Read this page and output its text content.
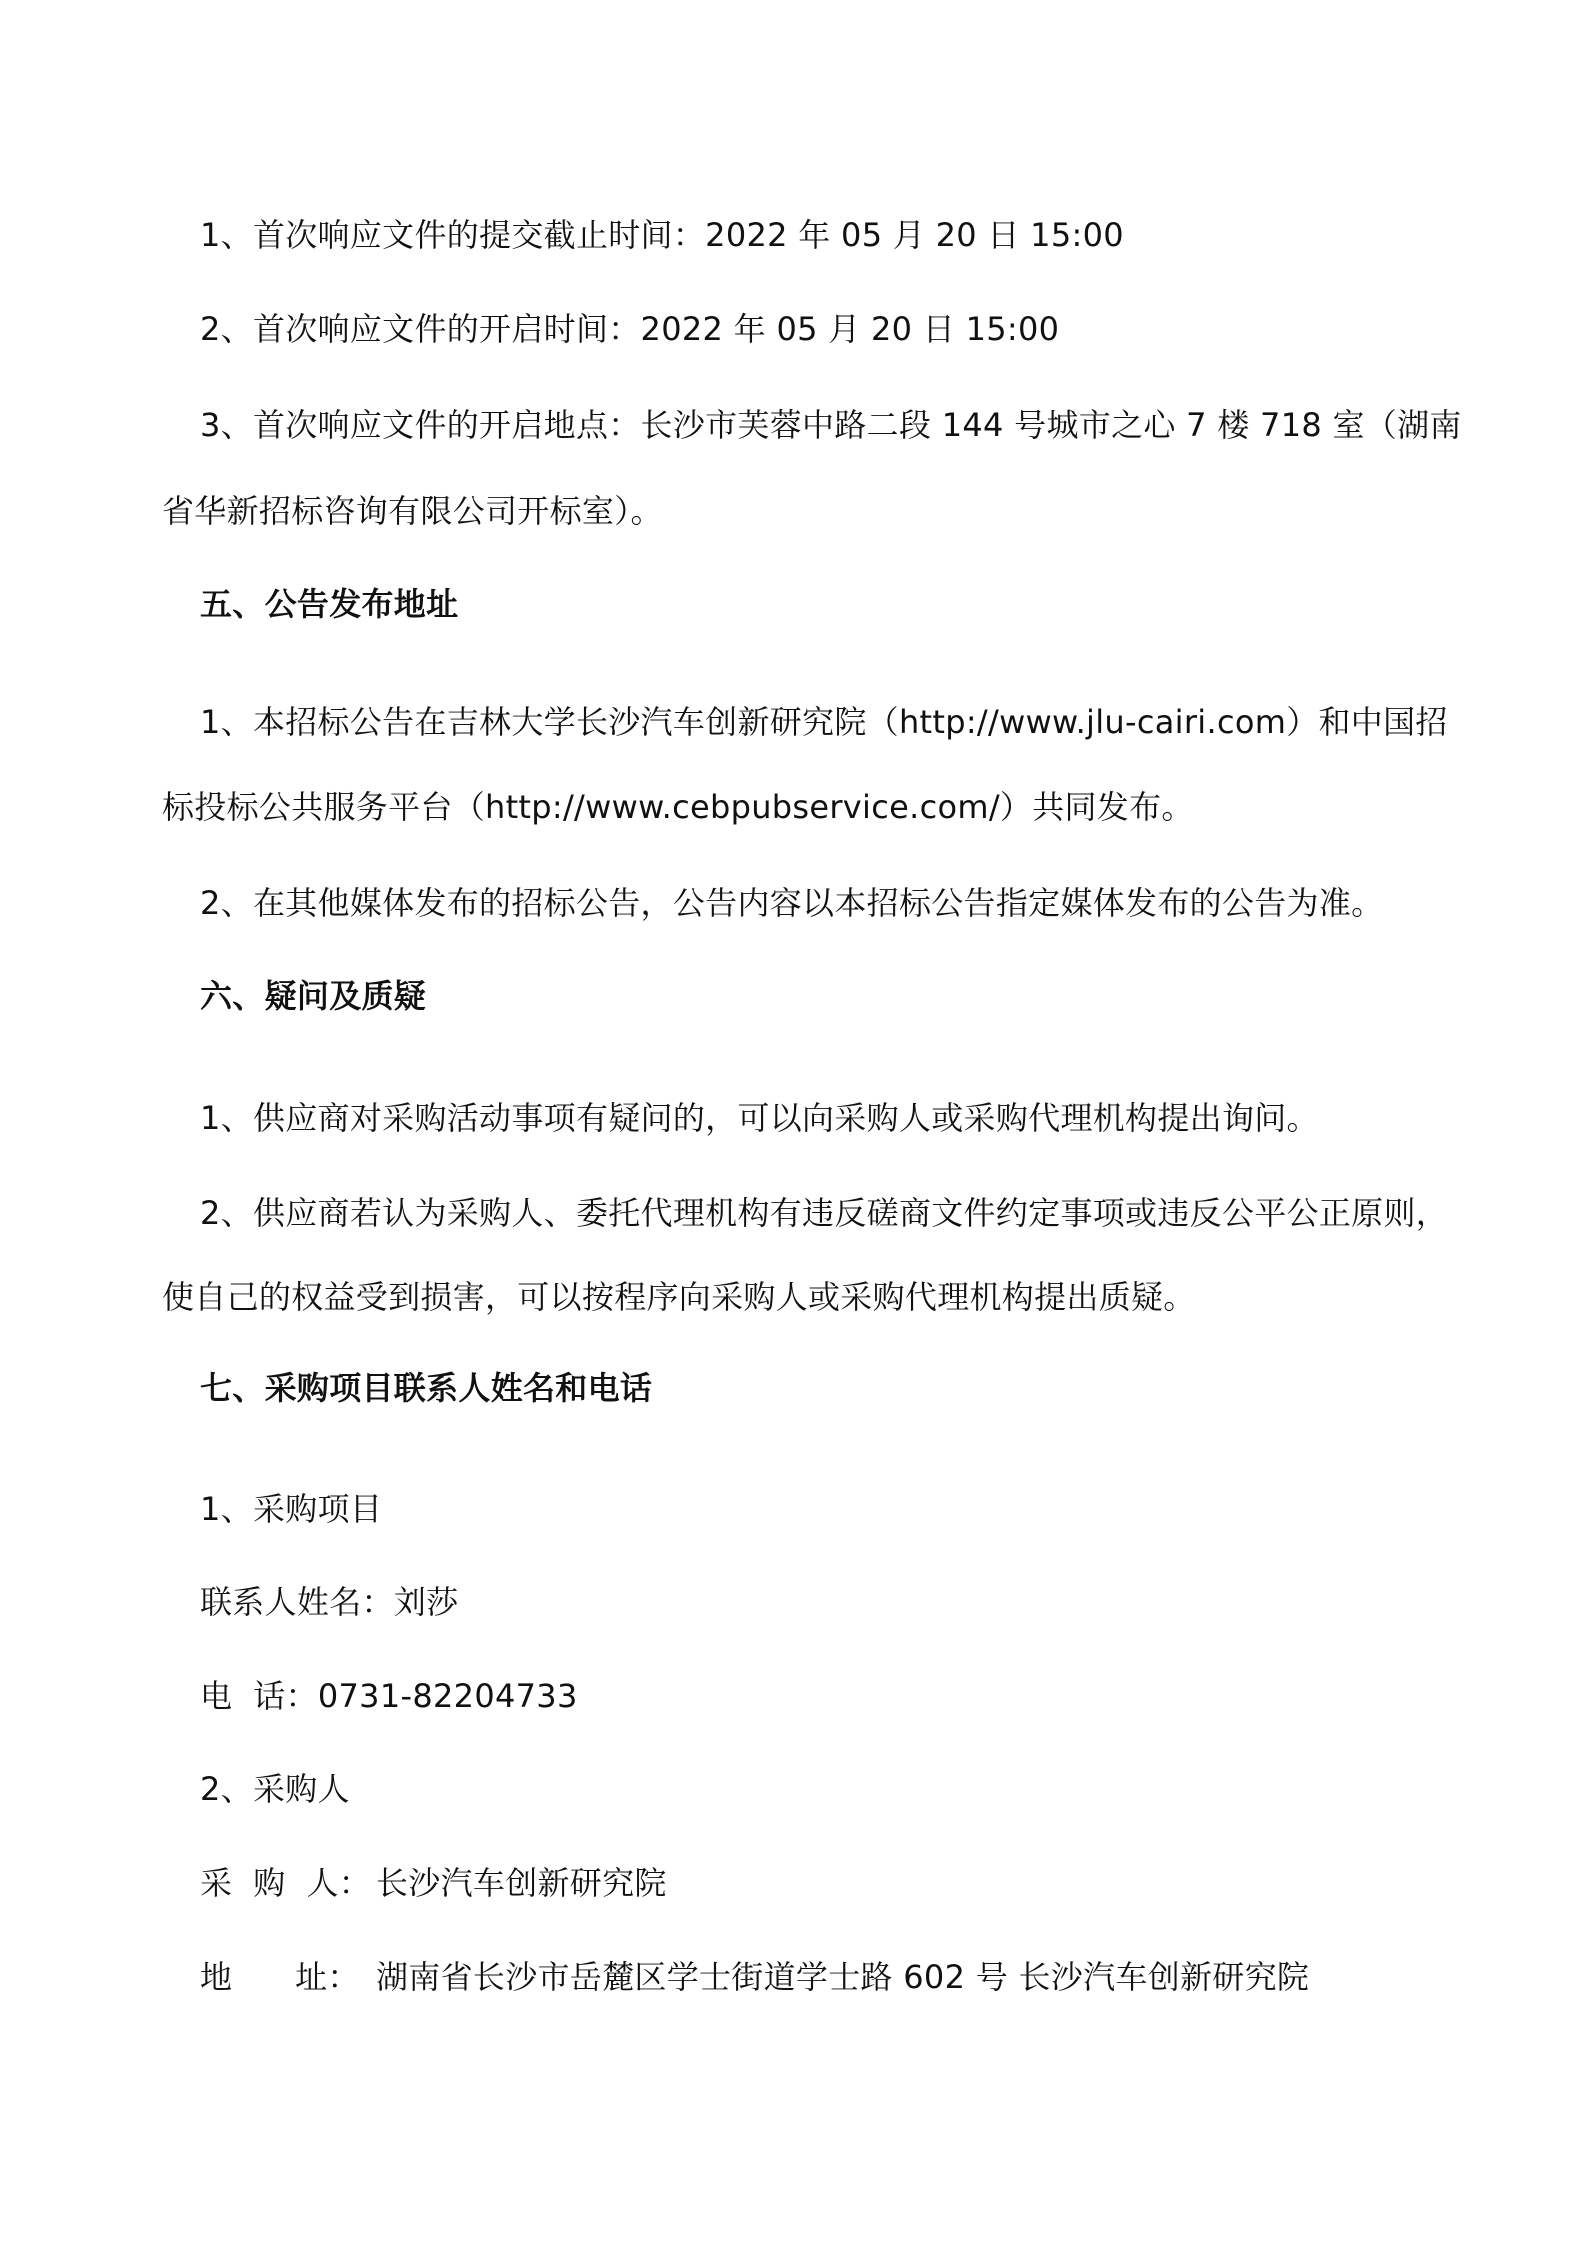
1、首次响应文件的提交截止时间：2022 年 05 月 20 日 15:00
2、首次响应文件的开启时间：2022 年 05 月 20 日 15:00
3、首次响应文件的开启地点：长沙市芙蓉中路二段 144 号城市之心 7 楼 718 室（湖南
省华新招标咨询有限公司开标室）。
五、公告发布地址
1、本招标公告在吉林大学长沙汽车创新研究院（http://www.jlu-cairi.com）和中国招
标投标公共服务平台（http://www.cebpubservice.com/）共同发布。
2、在其他媒体发布的招标公告，公告内容以本招标公告指定媒体发布的公告为准。
六、疑问及质疑
1、供应商对采购活动事项有疑问的，可以向采购人或采购代理机构提出询问。
2、供应商若认为采购人、委托代理机构有违反磋商文件约定事项或违反公平公正原则，
使自己的权益受到损害，可以按程序向采购人或采购代理机构提出质疑。
七、采购项目联系人姓名和电话
1、采购项目
联系人姓名：刘莎
电  话：0731-82204733
2、采购人
采  购  人： 长沙汽车创新研究院
地      址： 湖南省长沙市岳麓区学士街道学士路 602 号 长沙汽车创新研究院
